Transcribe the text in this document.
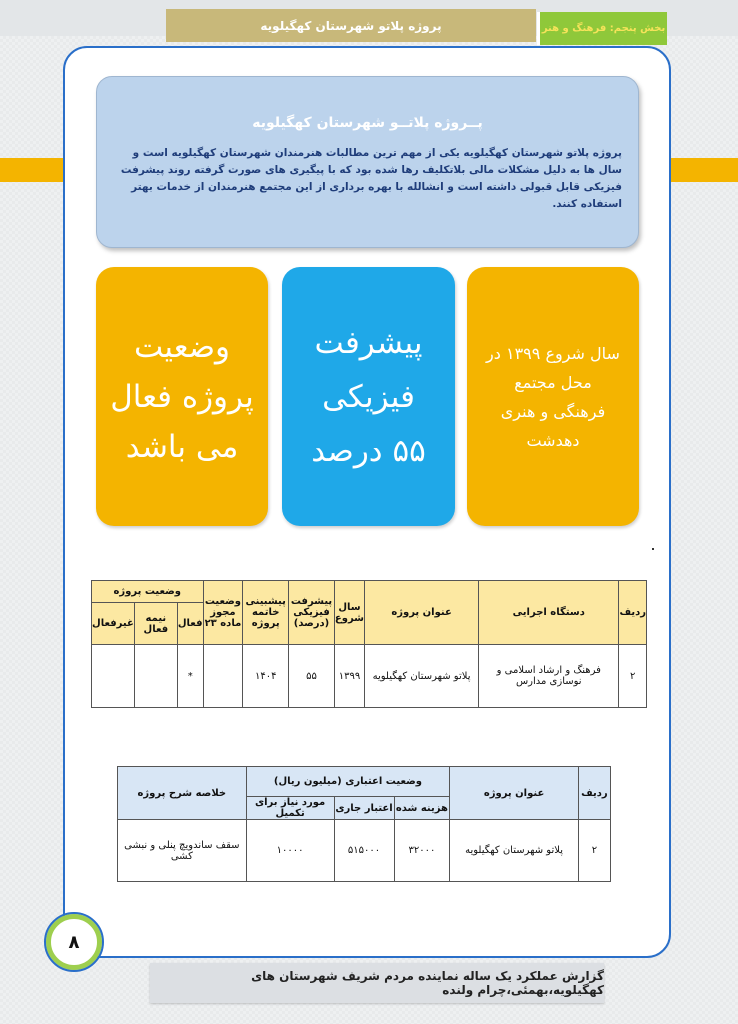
پروژه پلاتو شهرستان کهگیلویه	بخش پنجم: فرهنگ و هنر
پــروژه پلاتــو شهرستان کهگیلویه
پروژه پلاتو شهرستان کهگیلویه یکی از مهم ترین مطالبات هنرمندان شهرستان کهگیلویه است و سال ها به دلیل مشکلات مالی بلاتکلیف رها شده بود که با پیگیری های صورت گرفته روند پیشرفت فیزیکی قابل قبولی داشته است و انشالله با بهره برداری از این مجتمع هنرمندان از خدمات بهتر استفاده کنند.
وضعیت
پروژه فعال
می باشد
پیشرفت
فیزیکی
۵۵ درصد
سال شروع ۱۳۹۹ در
محل مجتمع
فرهنگی و هنری
دهدشت
ردیف	دستگاه اجرایی	عنوان پروژه	سال شروع	پیشرفت فیزیکی (درصد)	پیشبینی خاتمه پروژه	وضعیت مجوز ماده ۲۳	وضعیت پروژه		
							فعال	نیمه فعال	غیرفعال
۲	فرهنگ و ارشاد اسلامی و نوسازی مدارس	پلاتو شهرستان کهگیلویه	۱۳۹۹	۵۵	۱۴۰۴		*		
ردیف	عنوان پروژه	وضعیت اعتباری (میلیون ریال)			خلاصه شرح پروژه
		هزینه شده	اعتبار جاری	مورد نیاز برای تکمیل	
۲	پلاتو شهرستان کهگیلویه	۳۲۰۰۰	۵۱۵۰۰۰	۱۰۰۰۰	سقف ساندویچ پنلی و نبشی کشی
۸
گزارش عملکرد یک ساله نماینده مردم شریف شهرستان های کهگیلویه،بهمئی،چرام ولنده
